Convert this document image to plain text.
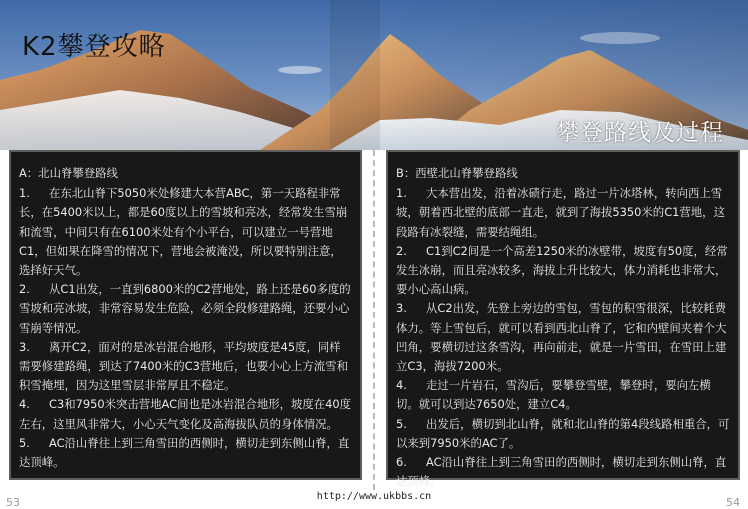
K2攀登攻略
攀登路线及过程
A：北山脊攀登路线

1. 在东北山脊下5050米处修建大本营ABC，第一天路程非常长，在5400米以上，都是60度以上的雪坡和亮冰，经常发生雪崩和流雪，中间只有在6100米处有个小平台，可以建立一号营地C1，但如果在降雪的情况下，营地会被淹没，所以要特别注意，选择好天气。

2. 从C1出发，一直到6800米的C2营地处，路上还是60多度的雪坡和亮冰坡，非常容易发生危险，必须全段修建路绳，还要小心雪崩等情况。

3. 离开C2，面对的是冰岩混合地形，平均坡度是45度，同样需要修建路绳，到达了7400米的C3营地后，也要小心上方流雪和积雪掩埋，因为这里雪层非常厚且不稳定。

4. C3和7950米突击营地AC间也是冰岩混合地形，坡度在40度左右，这里风非常大，小心天气变化及高海拔队员的身体情况。

5. AC沿山脊往上到三角雪田的西侧时，横切走到东侧山脊，直达顶峰。

B：西壁北山脊攀登路线

1. 大本营出发，沿着冰碛行走，路过一片冰塔林，转向西上雪坡，朝着西北壁的底部一直走，就到了海拔5350米的C1营地，这段路有冰裂缝，需要结绳组。

2. C1到C2间是一个高差1250米的冰壁带，坡度有50度，经常发生冰崩，而且亮冰较多，海拔上升比较大，体力消耗也非常大，要小心高山病。

3. 从C2出发，先登上旁边的雪包，雪包的积雪很深，比较耗费体力。等上雪包后，就可以看到西北山脊了，它和内壁间夹着个大凹角，要横切过这条雪沟，再向前走，就是一片雪田，在雪田上建立C3，海拔7200米。

4. 走过一片岩石，雪沟后，要攀登雪壁，攀登时，要向左横切。就可以到达7650处，建立C4。

5. 出发后，横切到北山脊，就和北山脊的第4段线路相重合，可以来到7950米的AC了。

6. AC沿山脊往上到三角雪田的西侧时，横切走到东侧山脊，直达顶峰。

http://www.ukbbs.cn
53	54
